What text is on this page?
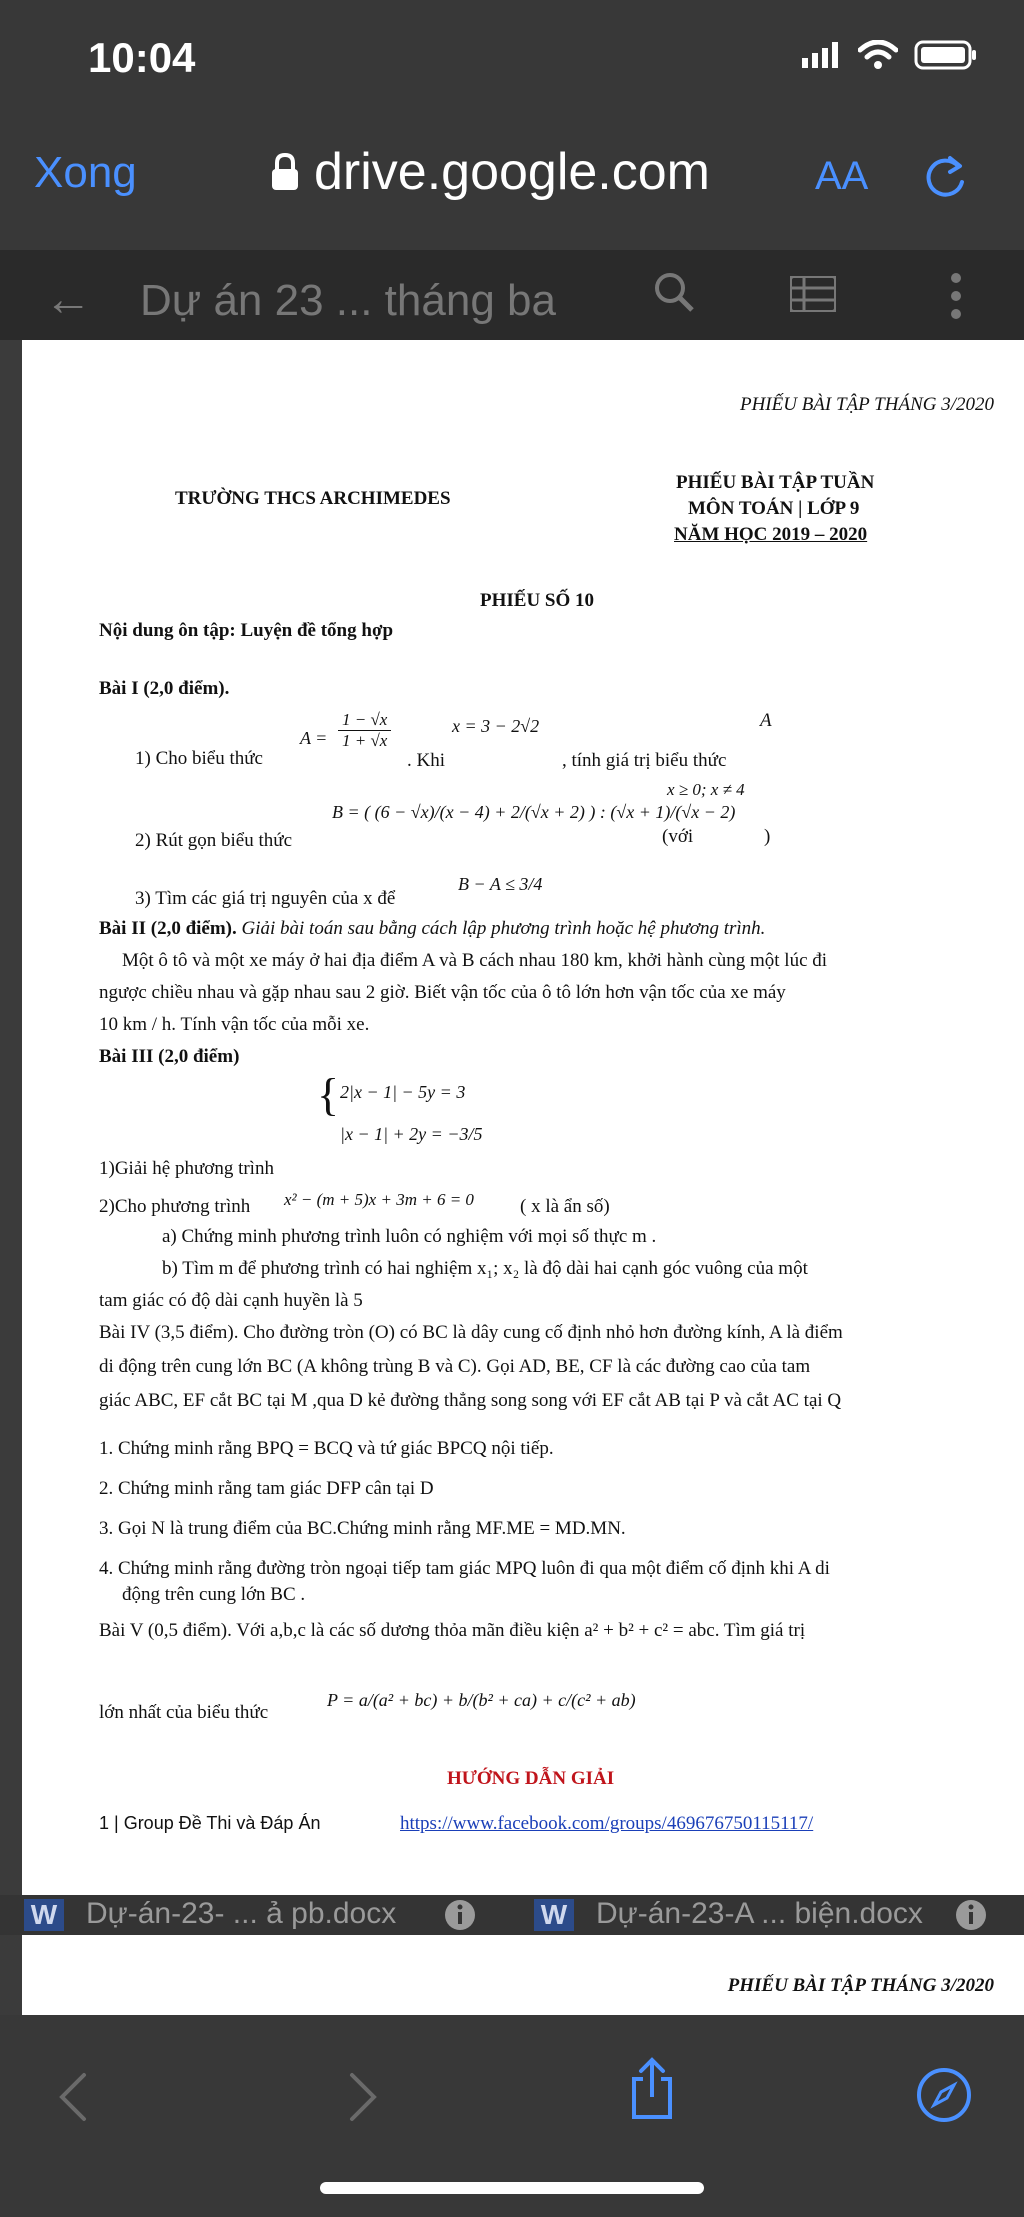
10:04
Xong	drive.google.com	AA
← Dự án 23 ... tháng ba
PHIẾU BÀI TẬP THÁNG 3/2020
TRƯỜNG THCS ARCHIMEDES
PHIẾU BÀI TẬP TUẦN
MÔN TOÁN | LỚP 9
NĂM HỌC 2019 – 2020
PHIẾU SỐ 10
Nội dung ôn tập: Luyện đề tổng hợp
Bài I (2,0 điểm).
1) Cho biểu thức
$A = \frac{1 - √x}{1 + √x}$
. Khi
x = 3 − 2√2
, tính giá trị biểu thức
A
2) Rút gọn biểu thức
B = ( (6 − √x)/(x − 4) + 2/(√x + 2) ) : (√x + 1)/(√x − 2)
x ≥ 0; x ≠ 4
(với	)
3) Tìm các giá trị nguyên của x để
B − A ≤ 3/4
Bài II (2,0 điểm). Giải bài toán sau bằng cách lập phương trình hoặc hệ phương trình.
Một ô tô và một xe máy ở hai địa điểm A và B cách nhau 180 km, khởi hành cùng một lúc đi
ngược chiều nhau và gặp nhau sau 2 giờ. Biết vận tốc của ô tô lớn hơn vận tốc của xe máy
10 km / h. Tính vận tốc của mỗi xe.
Bài III (2,0 điểm)
{ 2|x − 1| − 5y = 3
|x − 1| + 2y = −3/5
1)Giải hệ phương trình
2)Cho phương trình x² − (m + 5)x + 3m + 6 = 0 ( x là ẩn số)
a) Chứng minh phương trình luôn có nghiệm với mọi số thực m .
b) Tìm m để phương trình có hai nghiệm x₁; x₂ là độ dài hai cạnh góc vuông của một
tam giác có độ dài cạnh huyền là 5
Bài IV (3,5 điểm). Cho đường tròn (O) có BC là dây cung cố định nhỏ hơn đường kính, A là điểm
di động trên cung lớn BC (A không trùng B và C). Gọi AD, BE, CF là các đường cao của tam
giác ABC, EF cắt BC tại M ,qua D kẻ đường thẳng song song với EF cắt AB tại P và cắt AC tại Q
1. Chứng minh rằng BPQ = BCQ và tứ giác BPCQ nội tiếp.
2. Chứng minh rằng tam giác DFP cân tại D
3. Gọi N là trung điểm của BC.Chứng minh rằng MF.ME = MD.MN.
4. Chứng minh rằng đường tròn ngoại tiếp tam giác MPQ luôn đi qua một điểm cố định khi A di
động trên cung lớn BC .
Bài V (0,5 điểm). Với a,b,c là các số dương thỏa mãn điều kiện a² + b² + c² = abc. Tìm giá trị
lớn nhất của biểu thức
P = a/(a² + bc) + b/(b² + ca) + c/(c² + ab)
HƯỚNG DẪN GIẢI
1 | Group Đề Thi và Đáp Án	https://www.facebook.com/groups/469676750115117/
W Dự-án-23- ... ả pb.docx	W Dự-án-23-A ... biện.docx
PHIẾU BÀI TẬP THÁNG 3/2020
